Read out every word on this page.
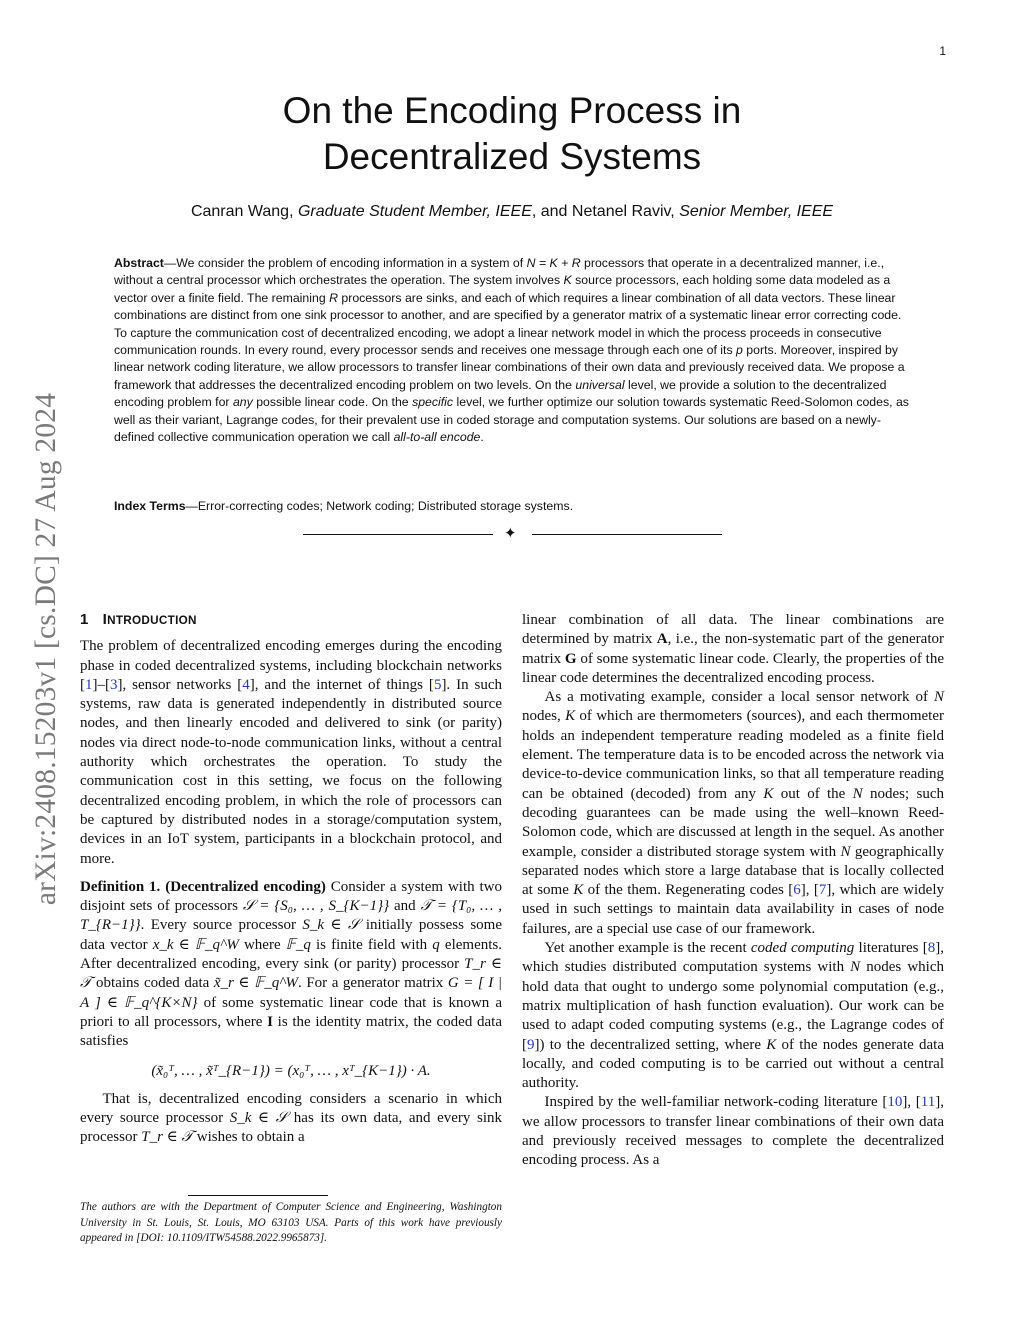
1
arXiv:2408.15203v1 [cs.DC] 27 Aug 2024
On the Encoding Process in
Decentralized Systems
Canran Wang, Graduate Student Member, IEEE, and Netanel Raviv, Senior Member, IEEE

Abstract—We consider the problem of encoding information in a system of N = K + R processors that operate in a decentralized manner, i.e., without a central processor which orchestrates the operation. The system involves K source processors, each holding some data modeled as a vector over a finite field. The remaining R processors are sinks, and each of which requires a linear combination of all data vectors. These linear combinations are distinct from one sink processor to another, and are specified by a generator matrix of a systematic linear error correcting code.

To capture the communication cost of decentralized encoding, we adopt a linear network model in which the process proceeds in consecutive communication rounds. In every round, every processor sends and receives one message through each one of its p ports. Moreover, inspired by linear network coding literature, we allow processors to transfer linear combinations of their own data and previously received data. We propose a framework that addresses the decentralized encoding problem on two levels. On the universal level, we provide a solution to the decentralized encoding problem for any possible linear code. On the specific level, we further optimize our solution towards systematic Reed-Solomon codes, as well as their variant, Lagrange codes, for their prevalent use in coded storage and computation systems. Our solutions are based on a newly-defined collective communication operation we call all-to-all encode.

Index Terms—Error-correcting codes; Network coding; Distributed storage systems.
✦
1 INTRODUCTION

The problem of decentralized encoding emerges during the encoding phase in coded decentralized systems, including blockchain networks [1]–[3], sensor networks [4], and the internet of things [5]. In such systems, raw data is generated independently in distributed source nodes, and then linearly encoded and delivered to sink (or parity) nodes via direct node-to-node communication links, without a central authority which orchestrates the operation. To study the communication cost in this setting, we focus on the following decentralized encoding problem, in which the role of processors can be captured by distributed nodes in a storage/computation system, devices in an IoT system, participants in a blockchain protocol, and more.

Definition 1. (Decentralized encoding) Consider a system with two disjoint sets of processors 𝒮 = {S₀, … , S_{K−1}} and 𝒯 = {T₀, … , T_{R−1}}. Every source processor S_k ∈ 𝒮 initially possess some data vector x_k ∈ 𝔽_q^W where 𝔽_q is finite field with q elements. After decentralized encoding, every sink (or parity) processor T_r ∈ 𝒯 obtains coded data x̃_r ∈ 𝔽_q^W. For a generator matrix G = [ I | A ] ∈ 𝔽_q^{K×N} of some systematic linear code that is known a priori to all processors, where I is the identity matrix, the coded data satisfies

(x̃₀ᵀ, … , x̃ᵀ_{R−1}) = (x₀ᵀ, … , xᵀ_{K−1}) · A.

That is, decentralized encoding considers a scenario in which every source processor S_k ∈ 𝒮 has its own data, and every sink processor T_r ∈ 𝒯 wishes to obtain a

linear combination of all data. The linear combinations are determined by matrix A, i.e., the non-systematic part of the generator matrix G of some systematic linear code. Clearly, the properties of the linear code determines the decentralized encoding process.

As a motivating example, consider a local sensor network of N nodes, K of which are thermometers (sources), and each thermometer holds an independent temperature reading modeled as a finite field element. The temperature data is to be encoded across the network via device-to-device communication links, so that all temperature reading can be obtained (decoded) from any K out of the N nodes; such decoding guarantees can be made using the well–known Reed-Solomon code, which are discussed at length in the sequel. As another example, consider a distributed storage system with N geographically separated nodes which store a large database that is locally collected at some K of the them. Regenerating codes [6], [7], which are widely used in such settings to maintain data availability in cases of node failures, are a special use case of our framework.

Yet another example is the recent coded computing literatures [8], which studies distributed computation systems with N nodes which hold data that ought to undergo some polynomial computation (e.g., matrix multiplication of hash function evaluation). Our work can be used to adapt coded computing systems (e.g., the Lagrange codes of [9]) to the decentralized setting, where K of the nodes generate data locally, and coded computing is to be carried out without a central authority.

Inspired by the well-familiar network-coding literature [10], [11], we allow processors to transfer linear combinations of their own data and previously received messages to complete the decentralized encoding process. As a

The authors are with the Department of Computer Science and Engineering, Washington University in St. Louis, St. Louis, MO 63103 USA. Parts of this work have previously appeared in [DOI: 10.1109/ITW54588.2022.9965873].
